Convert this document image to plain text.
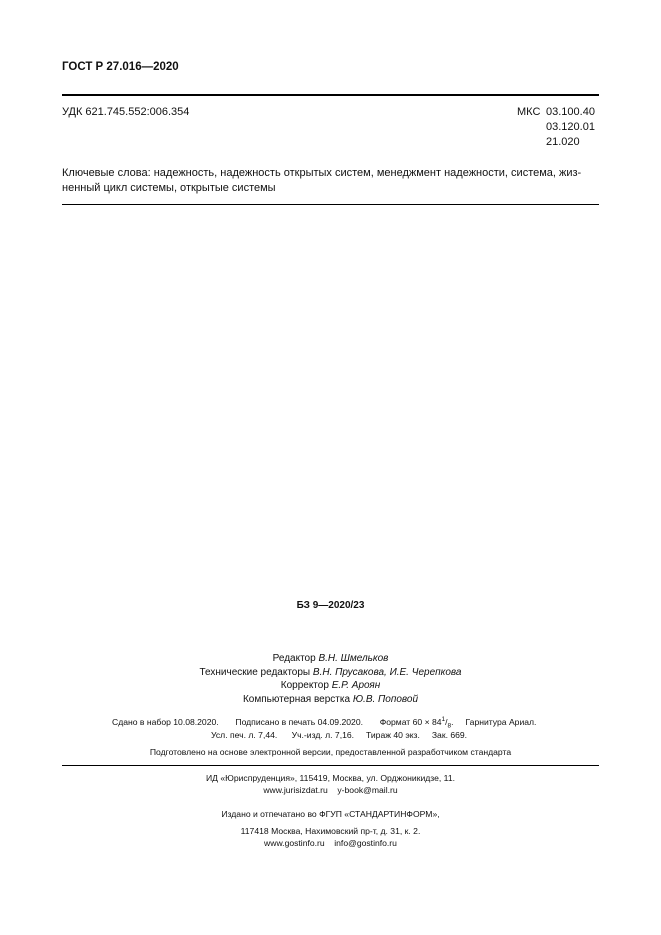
ГОСТ Р 27.016—2020
УДК 621.745.552:006.354	МКС 03.100.40
03.120.01
21.020
Ключевые слова: надежность, надежность открытых систем, менеджмент надежности, система, жиз-
ненный цикл системы, открытые системы
БЗ 9—2020/23
Редактор В.Н. Шмельков
Технические редакторы В.Н. Прусакова, И.Е. Черепкова
Корректор Е.Р. Ароян
Компьютерная верстка Ю.В. Поповой
Сдано в набор 10.08.2020. Подписано в печать 04.09.2020. Формат $60 \times 84^1/_8$.     Гарнитура Ариал.
Усл. печ. л. 7,44. Уч.-изд. л. 7,16. Тираж 40 экз. Зак. 669.
Подготовлено на основе электронной версии, предоставленной разработчиком стандарта
ИД «Юриспруденция», 115419, Москва, ул. Орджоникидзе, 11.
www.jurisizdat.ru    y-book@mail.ru
Издано и отпечатано во ФГУП «СТАНДАРТИНФОРМ»,
117418 Москва, Нахимовский пр-т, д. 31, к. 2.
www.gostinfo.ru    info@gostinfo.ru
